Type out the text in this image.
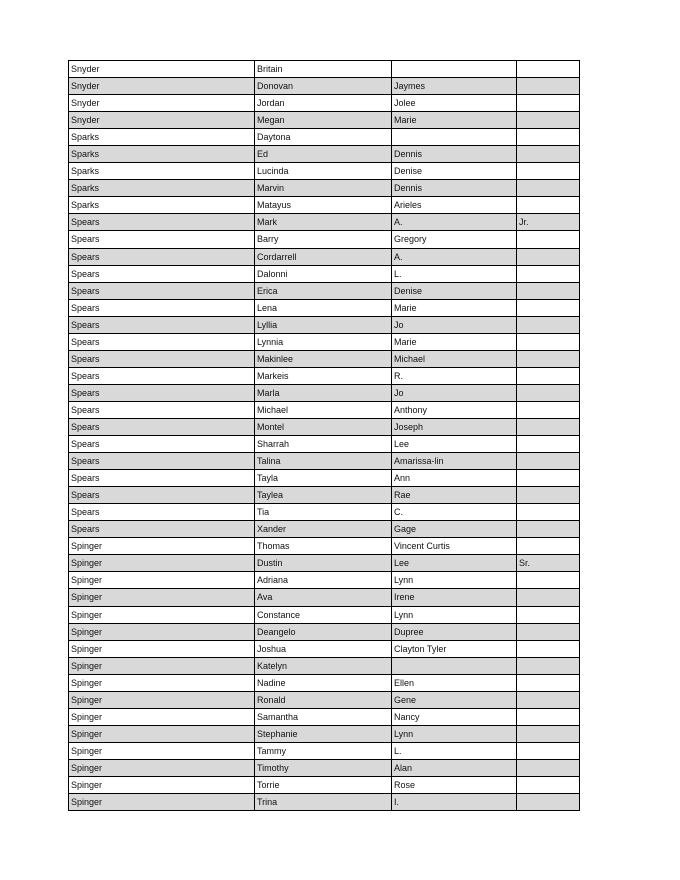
Snyder	Britain		
Snyder	Donovan	Jaymes	
Snyder	Jordan	Jolee	
Snyder	Megan	Marie	
Sparks	Daytona		
Sparks	Ed	Dennis	
Sparks	Lucinda	Denise	
Sparks	Marvin	Dennis	
Sparks	Matayus	Arieles	
Spears	Mark	A.	Jr.
Spears	Barry	Gregory	
Spears	Cordarrell	A.	
Spears	Dalonni	L.	
Spears	Erica	Denise	
Spears	Lena	Marie	
Spears	Lyllia	Jo	
Spears	Lynnia	Marie	
Spears	Makinlee	Michael	
Spears	Markeis	R.	
Spears	Marla	Jo	
Spears	Michael	Anthony	
Spears	Montel	Joseph	
Spears	Sharrah	Lee	
Spears	Talina	Amarissa-lin	
Spears	Tayla	Ann	
Spears	Taylea	Rae	
Spears	Tia	C.	
Spears	Xander	Gage	
Spinger	Thomas	Vincent Curtis	
Spinger	Dustin	Lee	Sr.
Spinger	Adriana	Lynn	
Spinger	Ava	Irene	
Spinger	Constance	Lynn	
Spinger	Deangelo	Dupree	
Spinger	Joshua	Clayton Tyler	
Spinger	Katelyn		
Spinger	Nadine	Ellen	
Spinger	Ronald	Gene	
Spinger	Samantha	Nancy	
Spinger	Stephanie	Lynn	
Spinger	Tammy	L.	
Spinger	Timothy	Alan	
Spinger	Torrie	Rose	
Spinger	Trina	I.	
